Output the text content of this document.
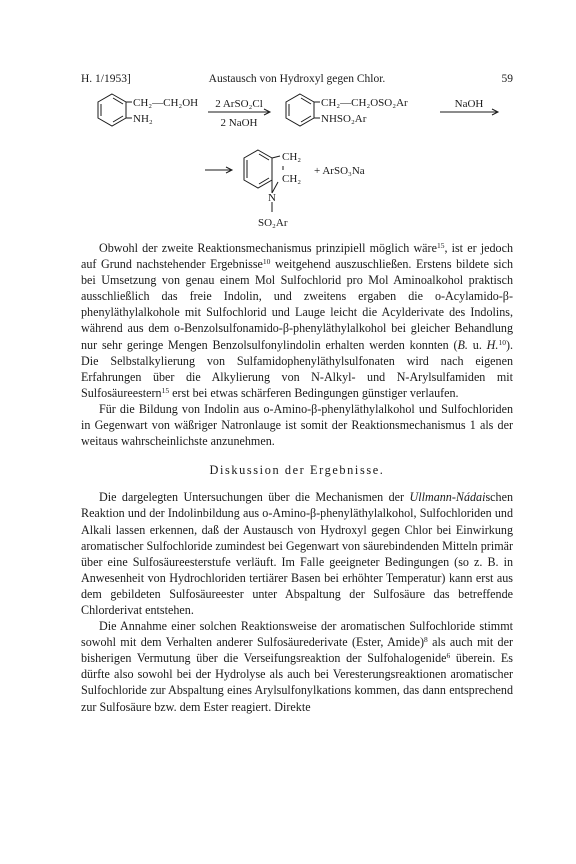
H. 1/1953]	Austausch von Hydroxyl gegen Chlor.	59
CH₂—CH₂OH
NH₂
2 ArSO₂Cl
2 NaOH
CH₂—CH₂OSO₂Ar
NHSO₂Ar
NaOH
CH₂
CH₂
+ ArSO₃Na
N
SO₂Ar

Obwohl der zweite Reaktionsmechanismus prinzipiell möglich wäre$^{15}$, ist er jedoch auf Grund nachstehender Ergebnisse$^{10}$ weitgehend auszuschließen. Erstens bildete sich bei Umsetzung von genau einem Mol Sulfochlorid pro Mol Aminoalkohol praktisch ausschließlich das freie Indolin, und zweitens ergaben die o-Acylamido-β-phenyläthylalkohole mit Sulfochlorid und Lauge leicht die Acylderivate des Indolins, während aus dem o-Benzolsulfonamido-β-phenyläthylalkohol bei gleicher Behandlung nur sehr geringe Mengen Benzolsulfonylindolin erhalten werden konnten (B. u. H.$^{10}$). Die Selbstalkylierung von Sulfamidophenyläthylsulfonaten wird nach eigenen Erfahrungen über die Alkylierung von N-Alkyl- und N-Arylsulfamiden mit Sulfosäureestern$^{15}$ erst bei etwas schärferen Bedingungen günstiger verlaufen.

Für die Bildung von Indolin aus o-Amino-β-phenyläthylalkohol und Sulfochloriden in Gegenwart von wäßriger Natronlauge ist somit der Reaktionsmechanismus 1 als der weitaus wahrscheinlichste anzunehmen.

Diskussion der Ergebnisse.

Die dargelegten Untersuchungen über die Mechanismen der Ullmann-Nádaischen Reaktion und der Indolinbildung aus o-Amino-β-phenyläthylalkohol, Sulfochloriden und Alkali lassen erkennen, daß der Austausch von Hydroxyl gegen Chlor bei Einwirkung aromatischer Sulfochloride zumindest bei Gegenwart von säurebindenden Mitteln primär über eine Sulfosäureesterstufe verläuft. Im Falle geeigneter Bedingungen (so z. B. in Anwesenheit von Hydrochloriden tertiärer Basen bei erhöhter Temperatur) kann erst aus dem gebildeten Sulfosäureester unter Abspaltung der Sulfosäure das betreffende Chlorderivat entstehen.

Die Annahme einer solchen Reaktionsweise der aromatischen Sulfochloride stimmt sowohl mit dem Verhalten anderer Sulfosäurederivate (Ester, Amide)$^8$ als auch mit der bisherigen Vermutung über die Verseifungsreaktion der Sulfohalogenide$^6$ überein. Es dürfte also sowohl bei der Hydrolyse als auch bei Veresterungsreaktionen aromatischer Sulfochloride zur Abspaltung eines Arylsulfonylkations kommen, das dann entsprechend zur Sulfosäure bzw. dem Ester reagiert. Direkte
